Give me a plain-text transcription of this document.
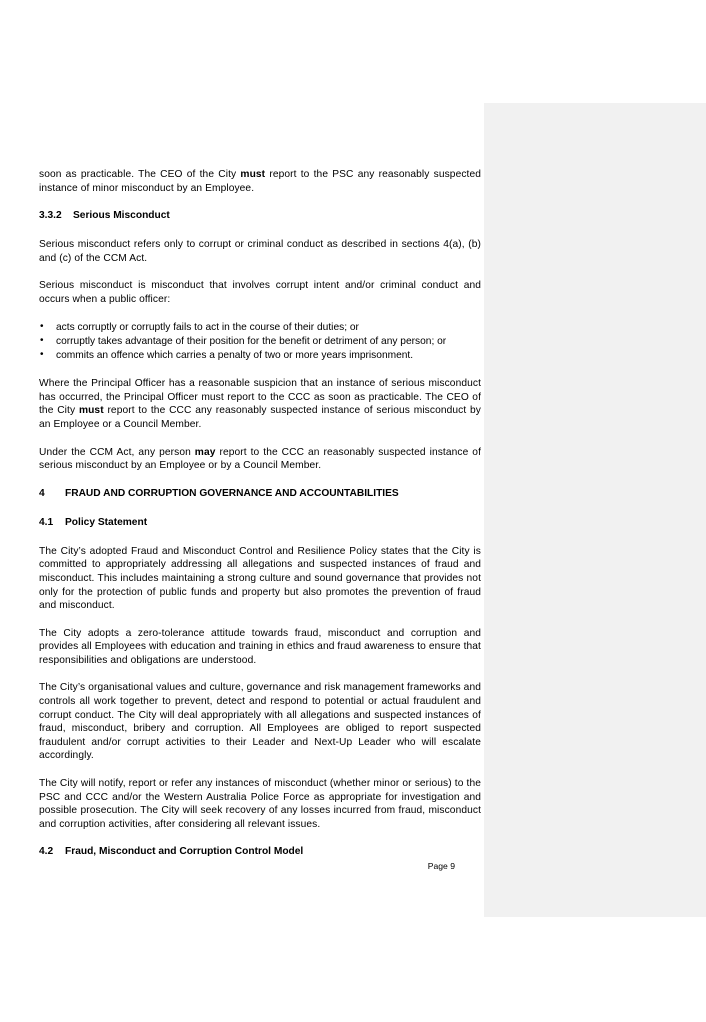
soon as practicable. The CEO of the City must report to the PSC any reasonably suspected instance of minor misconduct by an Employee.

3.3.2	Serious Misconduct

Serious misconduct refers only to corrupt or criminal conduct as described in sections 4(a), (b) and (c) of the CCM Act.

Serious misconduct is misconduct that involves corrupt intent and/or criminal conduct and occurs when a public officer:

• acts corruptly or corruptly fails to act in the course of their duties; or
• corruptly takes advantage of their position for the benefit or detriment of any person; or
• commits an offence which carries a penalty of two or more years imprisonment.

Where the Principal Officer has a reasonable suspicion that an instance of serious misconduct has occurred, the Principal Officer must report to the CCC as soon as practicable. The CEO of the City must report to the CCC any reasonably suspected instance of serious misconduct by an Employee or a Council Member.

Under the CCM Act, any person may report to the CCC an reasonably suspected instance of serious misconduct by an Employee or by a Council Member.

4	FRAUD AND CORRUPTION GOVERNANCE AND ACCOUNTABILITIES
4.1	Policy Statement

The City’s adopted Fraud and Misconduct Control and Resilience Policy states that the City is committed to appropriately addressing all allegations and suspected instances of fraud and misconduct. This includes maintaining a strong culture and sound governance that provides not only for the protection of public funds and property but also promotes the prevention of fraud and misconduct.

The City adopts a zero-tolerance attitude towards fraud, misconduct and corruption and provides all Employees with education and training in ethics and fraud awareness to ensure that responsibilities and obligations are understood.

The City’s organisational values and culture, governance and risk management frameworks and controls all work together to prevent, detect and respond to potential or actual fraudulent and corrupt conduct. The City will deal appropriately with all allegations and suspected instances of fraud, misconduct, bribery and corruption. All Employees are obliged to report suspected fraudulent and/or corrupt activities to their Leader and Next-Up Leader who will escalate accordingly.

The City will notify, report or refer any instances of misconduct (whether minor or serious) to the PSC and CCC and/or the Western Australia Police Force as appropriate for investigation and possible prosecution. The City will seek recovery of any losses incurred from fraud, misconduct and corruption activities, after considering all relevant issues.

4.2	Fraud, Misconduct and Corruption Control Model
Page 9
